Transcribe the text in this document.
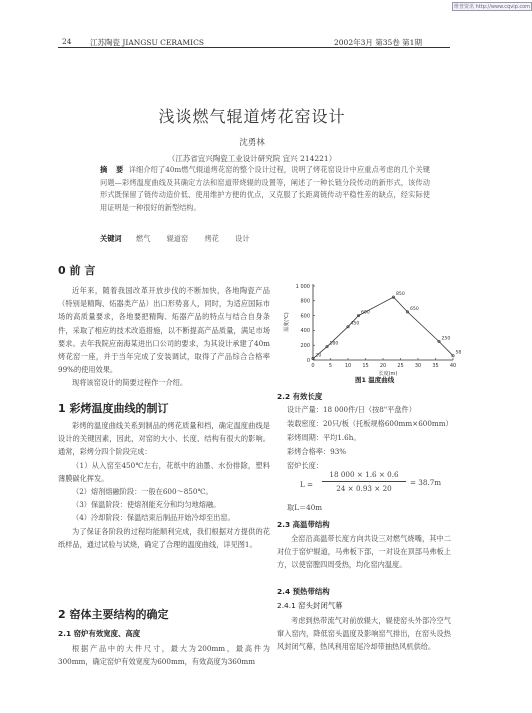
维普资讯 http://www.cqvip.com
24 江苏陶瓷 JIANGSU CERAMICS	2002年3月 第35卷 第1期
浅谈燃气辊道烤花窑设计
沈勇林
（江苏省宜兴陶瓷工业设计研究院 宜兴 214221）
摘 要 详细介绍了40m燃气辊道烤花窑的整个设计过程，说明了烤花窑设计中应重点考虑的几个关键问题—彩烤温度曲线及其确定方法和窑道带烧辊的设置等，阐述了一种长链分段传动的新形式，该传动形式既保留了链传动造价低、使用维护方便的优点，又克服了长距离链传动平稳性差的缺点，经实际使用证明是一种很好的新型结构。
关键词 燃气 辊道窑 烤花 设计
0 前 言

近年来，随着我国改革开放步伐的不断加快，各地陶瓷产品（特别是精陶、炻器类产品）出口形势喜人，同时，为适应国际市场的高质量要求，各地要把精陶、炻器产品的特点与结合自身条件，采取了相应的技术改造措施，以不断提高产品质量，满足市场要求。去年我院应南海某进出口公司的要求，为其设计承建了40m烤花窑一座，并于当年完成了安装调试，取得了产品综合合格率99%的使用效果。

现将该窑设计的简要过程作一介绍。

1 彩烤温度曲线的制订

彩烤的温度曲线关系到制品的烤花质量和档，确定温度曲线是设计的关键因素，因此，对窑的大小、长度、结构有很大的影响。通常，彩烤分四个阶段完成：

（1）从入窑至450℃左右，花纸中的油墨、水份排除，塑料薄膜碳化挥发。

（2）熔剂熔融阶段：一般在600～850℃。

（3）保温阶段：使熔剂能充分和均匀地熔融。

（4）冷却阶段：保温结束后制品开始冷却至出窑。

为了保证各阶段的过程均能顺利完成，我们根据对方提供的花纸样品，通过试验与试烧，确定了合理的温度曲线，详见图1。

2 窑体主要结构的确定
2.1 窑炉有效宽度、高度

根据产品中的大件尺寸，最大为200mm，最高件为300mm，确定窑炉有效宽度为600mm，有效高度为360mm

0
200
400
600
800
1 000
0	5	10 15 20 25 30 35 40
温度(℃)
长度(m)
20
180
450
600
850
650
250
58
图1 温度曲线
2.2 有效长度
设计产量：18 000件/日（按8"平盘件）
装载密度：20只/板（托板规格600mm×600mm）
彩烤周期：平均1.6h。
彩烤合格率：93%
窑炉长度：
L =
18 000 × 1.6 × 0.6
24 × 0.93 × 20
= 38.7m
取L＝40m
2.3 高温带结构

全窑沿高温带长度方向共设三对燃气烧嘴，其中二对位于窑炉辊道，马弗板下部，一对设在顶部马弗板上方，以使窑膛四周受热，均化窑内温度。

2.4 预热带结构
2.4.1 窑头封闭气幕

考虑到热带流气对前放辊大，辊使窑头外部冷空气窜入窑内，降低窑头温度及影响窑气排出，在窑头设热风封闭气幕，热风利用窑尾冷却带抽热风机供给。
